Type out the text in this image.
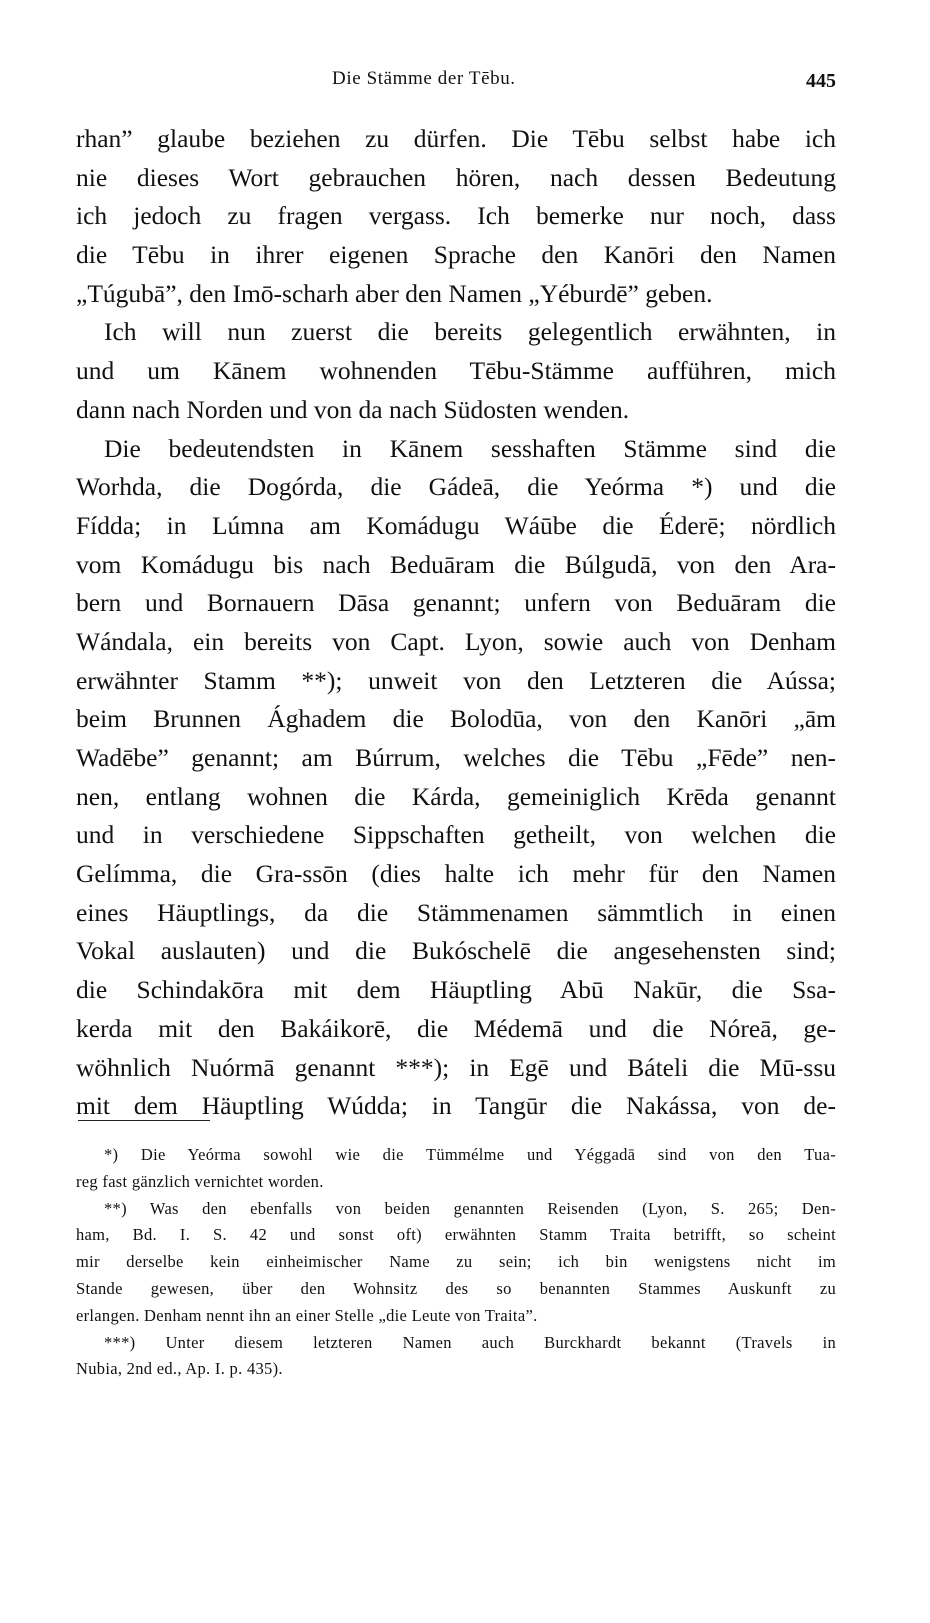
Die Stämme der Tēbu.	445
rhan” glaube beziehen zu dürfen. Die Tēbu selbst habe ich
nie dieses Wort gebrauchen hören, nach dessen Bedeutung
ich jedoch zu fragen vergass. Ich bemerke nur noch, dass
die Tēbu in ihrer eigenen Sprache den Kanōri den Namen
„Túgubā”, den Imō-scharh aber den Namen „Yéburdē” geben.
Ich will nun zuerst die bereits gelegentlich erwähnten, in
und um Kānem wohnenden Tēbu-Stämme aufführen, mich
dann nach Norden und von da nach Südosten wenden.
Die bedeutendsten in Kānem sesshaften Stämme sind die
Worhda, die Dogórda, die Gádeā, die Yeórma *) und die
Fídda; in Lúmna am Komádugu Wáūbe die Éderē; nördlich
vom Komádugu bis nach Beduāram die Búlgudā, von den Ara-
bern und Bornauern Dāsa genannt; unfern von Beduāram die
Wándala, ein bereits von Capt. Lyon, sowie auch von Denham
erwähnter Stamm **); unweit von den Letzteren die Aússa;
beim Brunnen Ághadem die Bolodūa, von den Kanōri „ām
Wadēbe” genannt; am Búrrum, welches die Tēbu „Fēde” nen-
nen, entlang wohnen die Kárda, gemeiniglich Krēda genannt
und in verschiedene Sippschaften getheilt, von welchen die
Gelímma, die Gra-ssōn (dies halte ich mehr für den Namen
eines Häuptlings, da die Stämmenamen sämmtlich in einen
Vokal auslauten) und die Bukóschelē die angesehensten sind;
die Schindakōra mit dem Häuptling Abū Nakūr, die Ssa-
kerda mit den Bakáikorē, die Médemā und die Nóreā, ge-
wöhnlich Nuórmā genannt ***); in Egē und Báteli die Mū-ssu
mit dem Häuptling Wúdda; in Tangūr die Nakássa, von de-
*) Die Yeórma sowohl wie die Tümmélme und Yéggadā sind von den Tua-
reg fast gänzlich vernichtet worden.
**) Was den ebenfalls von beiden genannten Reisenden (Lyon, S. 265; Den-
ham, Bd. I. S. 42 und sonst oft) erwähnten Stamm Traita betrifft, so scheint
mir derselbe kein einheimischer Name zu sein; ich bin wenigstens nicht im
Stande gewesen, über den Wohnsitz des so benannten Stammes Auskunft zu
erlangen. Denham nennt ihn an einer Stelle „die Leute von Traita”.
***) Unter diesem letzteren Namen auch Burckhardt bekannt (Travels in
Nubia, 2nd ed., Ap. I. p. 435).
